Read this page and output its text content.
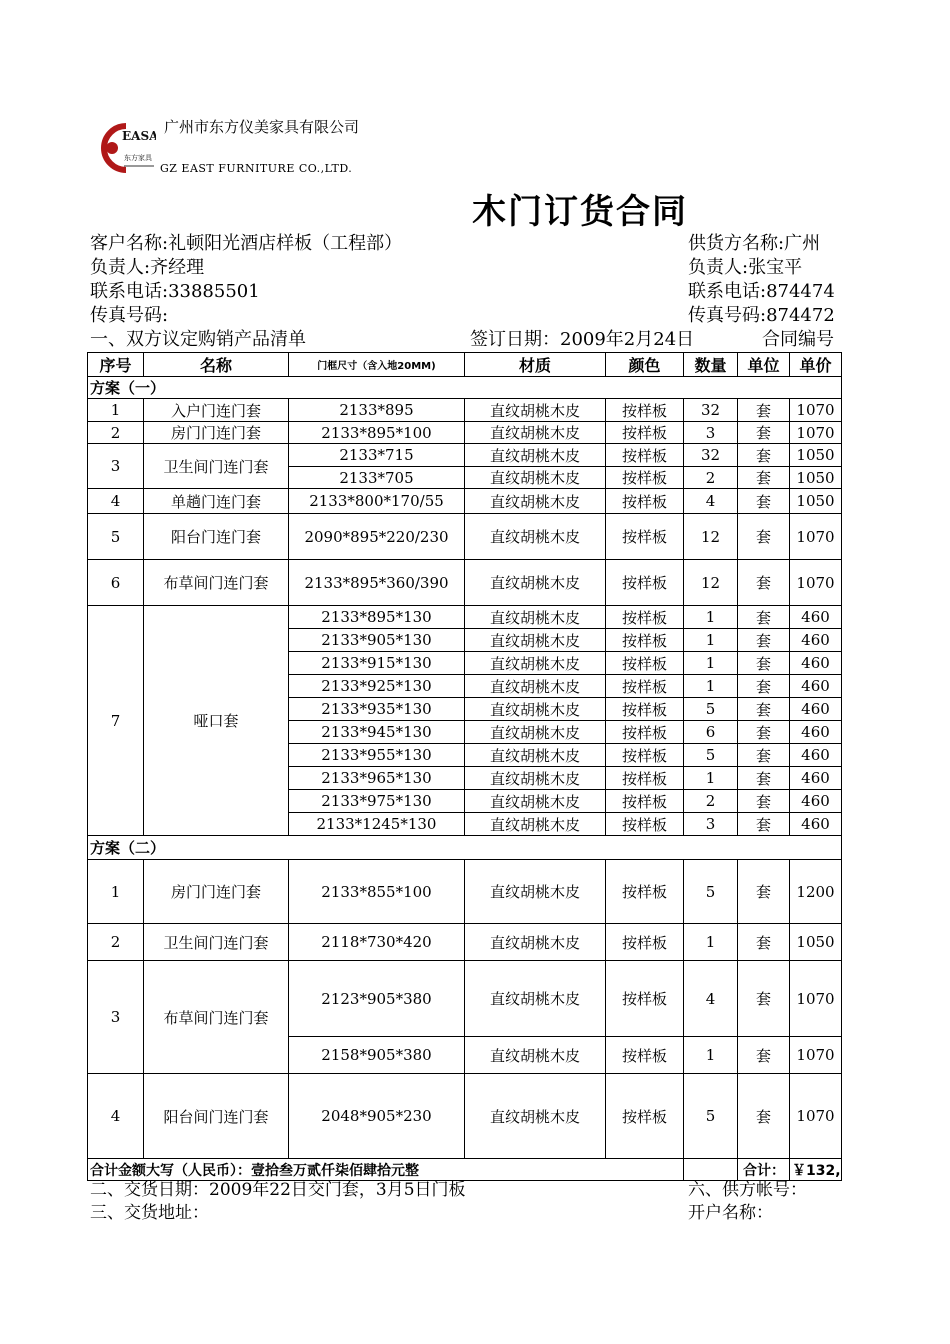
EASA
东方家具
广州市东方仪美家具有限公司
GZ EAST FURNITURE CO.,LTD.
木门订货合同
客户名称:礼顿阳光酒店样板（工程部）
负责人:齐经理
联系电话:33885501
传真号码:
供货方名称:广州
负责人:张宝平
联系电话:874474
传真号码:874472
一、双方议定购销产品清单	签订日期：2009年2月24日	合同编号
序号	名称	门框尺寸（含入地20MM)	材质	颜色	数量	单位	单价
方案（一）							
1	入户门连门套	2133*895	直纹胡桃木皮	按样板	32	套	1070
2	房门门连门套	2133*895*100	直纹胡桃木皮	按样板	3	套	1070
3	卫生间门连门套	2133*715	直纹胡桃木皮	按样板	32	套	1050
		2133*705	直纹胡桃木皮	按样板	2	套	1050
4	单趟门连门套	2133*800*170/55	直纹胡桃木皮	按样板	4	套	1050
5	阳台门连门套	2090*895*220/230	直纹胡桃木皮	按样板	12	套	1070
6	布草间门连门套	2133*895*360/390	直纹胡桃木皮	按样板	12	套	1070
7	哑口套	2133*895*130	直纹胡桃木皮	按样板	1	套	460
		2133*905*130	直纹胡桃木皮	按样板	1	套	460
		2133*915*130	直纹胡桃木皮	按样板	1	套	460
		2133*925*130	直纹胡桃木皮	按样板	1	套	460
		2133*935*130	直纹胡桃木皮	按样板	5	套	460
		2133*945*130	直纹胡桃木皮	按样板	6	套	460
		2133*955*130	直纹胡桃木皮	按样板	5	套	460
		2133*965*130	直纹胡桃木皮	按样板	1	套	460
		2133*975*130	直纹胡桃木皮	按样板	2	套	460
		2133*1245*130	直纹胡桃木皮	按样板	3	套	460
方案（二）							
1	房门门连门套	2133*855*100	直纹胡桃木皮	按样板	5	套	1200
2	卫生间门连门套	2118*730*420	直纹胡桃木皮	按样板	1	套	1050
3	布草间门连门套	2123*905*380	直纹胡桃木皮	按样板	4	套	1070
		2158*905*380	直纹胡桃木皮	按样板	1	套	1070
4	阳台间门连门套	2048*905*230	直纹胡桃木皮	按样板	5	套	1070
合计金额大写（人民币）：壹拾叁万贰仟柒佰肆拾元整						合计：	￥132,
二、交货日期：2009年22日交门套，3月5日门板
三、交货地址：
六、供方帐号：
开户名称：
